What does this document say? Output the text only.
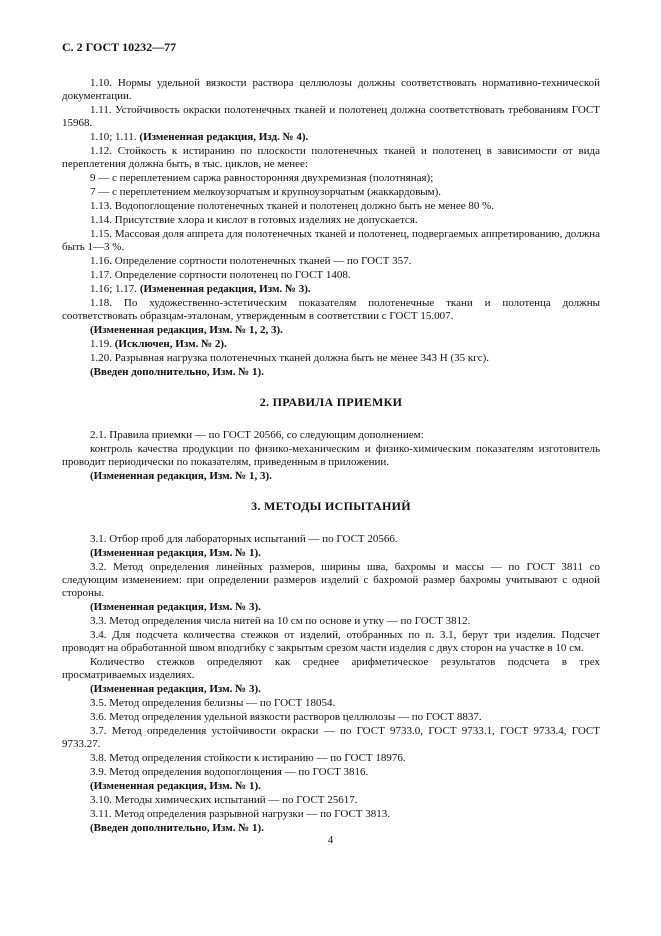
С. 2 ГОСТ 10232—77

1.10. Нормы удельной вязкости раствора целлюлозы должны соответствовать нормативно-технической документации.

1.11. Устойчивость окраски полотенечных тканей и полотенец должна соответствовать требованиям ГОСТ 15968.

1.10; 1.11. (Измененная редакция, Изд. № 4).

1.12. Стойкость к истиранию по плоскости полотенечных тканей и полотенец в зависимости от вида переплетения должна быть, в тыс. циклов, не менее:

9 — с переплетением саржа равносторонняя двухремизная (полотняная);

7 — с переплетением мелкоузорчатым и крупноузорчатым (жаккардовым).

1.13. Водопоглощение полотенечных тканей и полотенец должно быть не менее 80 %.

1.14. Присутствие хлора и кислот в готовых изделиях не допускается.

1.15. Массовая доля аппрета для полотенечных тканей и полотенец, подвергаемых аппретированию, должна быть 1—3 %.

1.16. Определение сортности полотенечных тканей — по ГОСТ 357.

1.17. Определение сортности полотенец по ГОСТ 1408.

1.16; 1.17. (Измененная редакция, Изм. № 3).

1.18. По художественно-эстетическим показателям полотенечные ткани и полотенца должны соответствовать образцам-эталонам, утвержденным в соответствии с ГОСТ 15.007.

(Измененная редакция, Изм. № 1, 2, 3).

1.19. (Исключен, Изм. № 2).

1.20. Разрывная нагрузка полотенечных тканей должна быть не менее 343 Н (35 кгс).

(Введен дополнительно, Изм. № 1).

2. ПРАВИЛА ПРИЕМКИ

2.1. Правила приемки — по ГОСТ 20566, со следующим дополнением:

контроль качества продукции по физико-механическим и физико-химическим показателям изготовитель проводит периодически по показателям, приведенным в приложении.

(Измененная редакция, Изм. № 1, 3).

3. МЕТОДЫ ИСПЫТАНИЙ

3.1. Отбор проб для лабораторных испытаний — по ГОСТ 20566.

(Измененная редакция, Изм. № 1).

3.2. Метод определения линейных размеров, ширины шва, бахромы и массы — по ГОСТ 3811 со следующим изменением: при определении размеров изделий с бахромой размер бахромы учитывают с одной стороны.

(Измененная редакция, Изм. № 3).

3.3. Метод определения числа нитей на 10 см по основе и утку — по ГОСТ 3812.

3.4. Для подсчета количества стежков от изделий, отобранных по п. 3.1, берут три изделия. Подсчет проводят на обработанной швом вподгибку с закрытым срезом части изделия с двух сторон на участке в 10 см.

Количество стежков определяют как среднее арифметическое результатов подсчета в трех просматриваемых изделиях.

(Измененная редакция, Изм. № 3).

3.5. Метод определения белизны — по ГОСТ 18054.

3.6. Метод определения удельной вязкости растворов целлюлозы — по ГОСТ 8837.

3.7. Метод определения устойчивости окраски — по ГОСТ 9733.0, ГОСТ 9733.1, ГОСТ 9733.4, ГОСТ 9733.27.

3.8. Метод определения стойкости к истиранию — по ГОСТ 18976.

3.9. Метод определения водопоглощения — по ГОСТ 3816.

(Измененная редакция, Изм. № 1).

3.10. Методы химических испытаний — по ГОСТ 25617.

3.11. Метод определения разрывной нагрузки — по ГОСТ 3813.

(Введен дополнительно, Изм. № 1).

4
